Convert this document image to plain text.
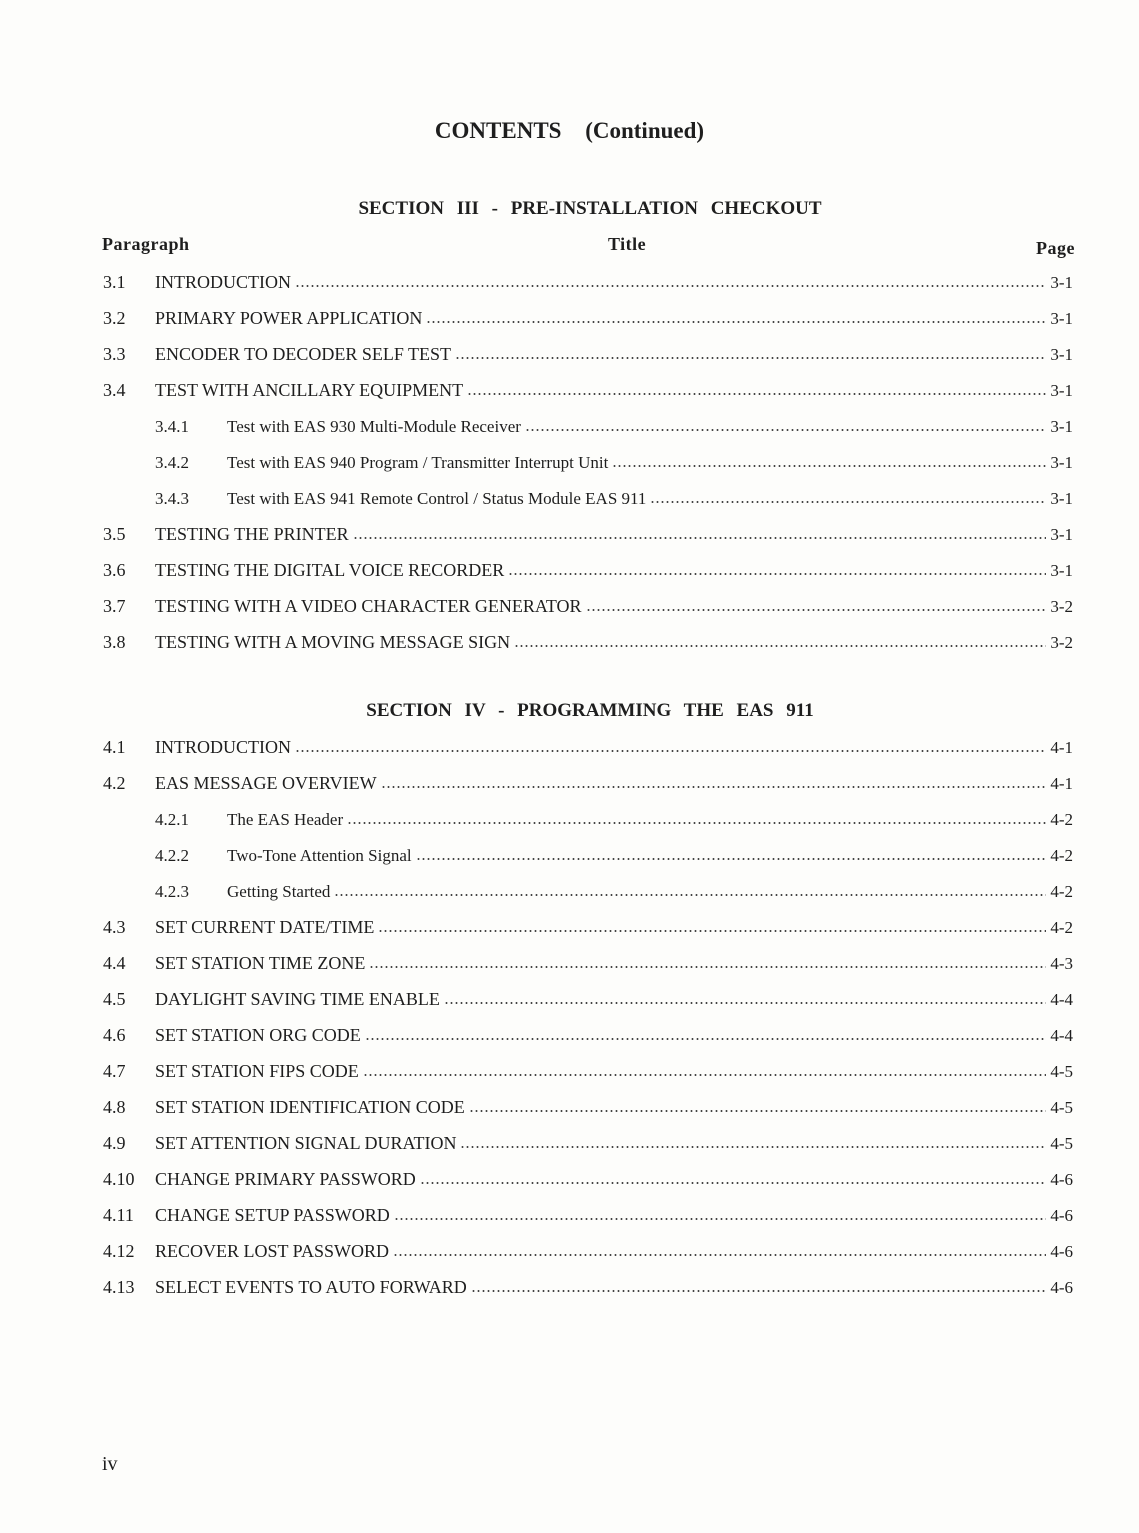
CONTENTS (Continued)
SECTION III - PRE-INSTALLATION CHECKOUT
Paragraph	Title	Page
3.1	INTRODUCTION	3-1
3.2	PRIMARY POWER APPLICATION	3-1
3.3	ENCODER TO DECODER SELF TEST	3-1
3.4	TEST WITH ANCILLARY EQUIPMENT	3-1
3.4.1	Test with EAS 930 Multi-Module Receiver	3-1
3.4.2	Test with EAS 940 Program / Transmitter Interrupt Unit	3-1
3.4.3	Test with EAS 941 Remote Control / Status Module EAS 911	3-1
3.5	TESTING THE PRINTER	3-1
3.6	TESTING THE DIGITAL VOICE RECORDER	3-1
3.7	TESTING WITH A VIDEO CHARACTER GENERATOR	3-2
3.8	TESTING WITH A MOVING MESSAGE SIGN	3-2
SECTION IV - PROGRAMMING THE EAS 911
4.1	INTRODUCTION	4-1
4.2	EAS MESSAGE OVERVIEW	4-1
4.2.1	The EAS Header	4-2
4.2.2	Two-Tone Attention Signal	4-2
4.2.3	Getting Started	4-2
4.3	SET CURRENT DATE/TIME	4-2
4.4	SET STATION TIME ZONE	4-3
4.5	DAYLIGHT SAVING TIME ENABLE	4-4
4.6	SET STATION ORG CODE	4-4
4.7	SET STATION FIPS CODE	4-5
4.8	SET STATION IDENTIFICATION CODE	4-5
4.9	SET ATTENTION SIGNAL DURATION	4-5
4.10	CHANGE PRIMARY PASSWORD	4-6
4.11	CHANGE SETUP PASSWORD	4-6
4.12	RECOVER LOST PASSWORD	4-6
4.13	SELECT EVENTS TO AUTO FORWARD	4-6
iv
